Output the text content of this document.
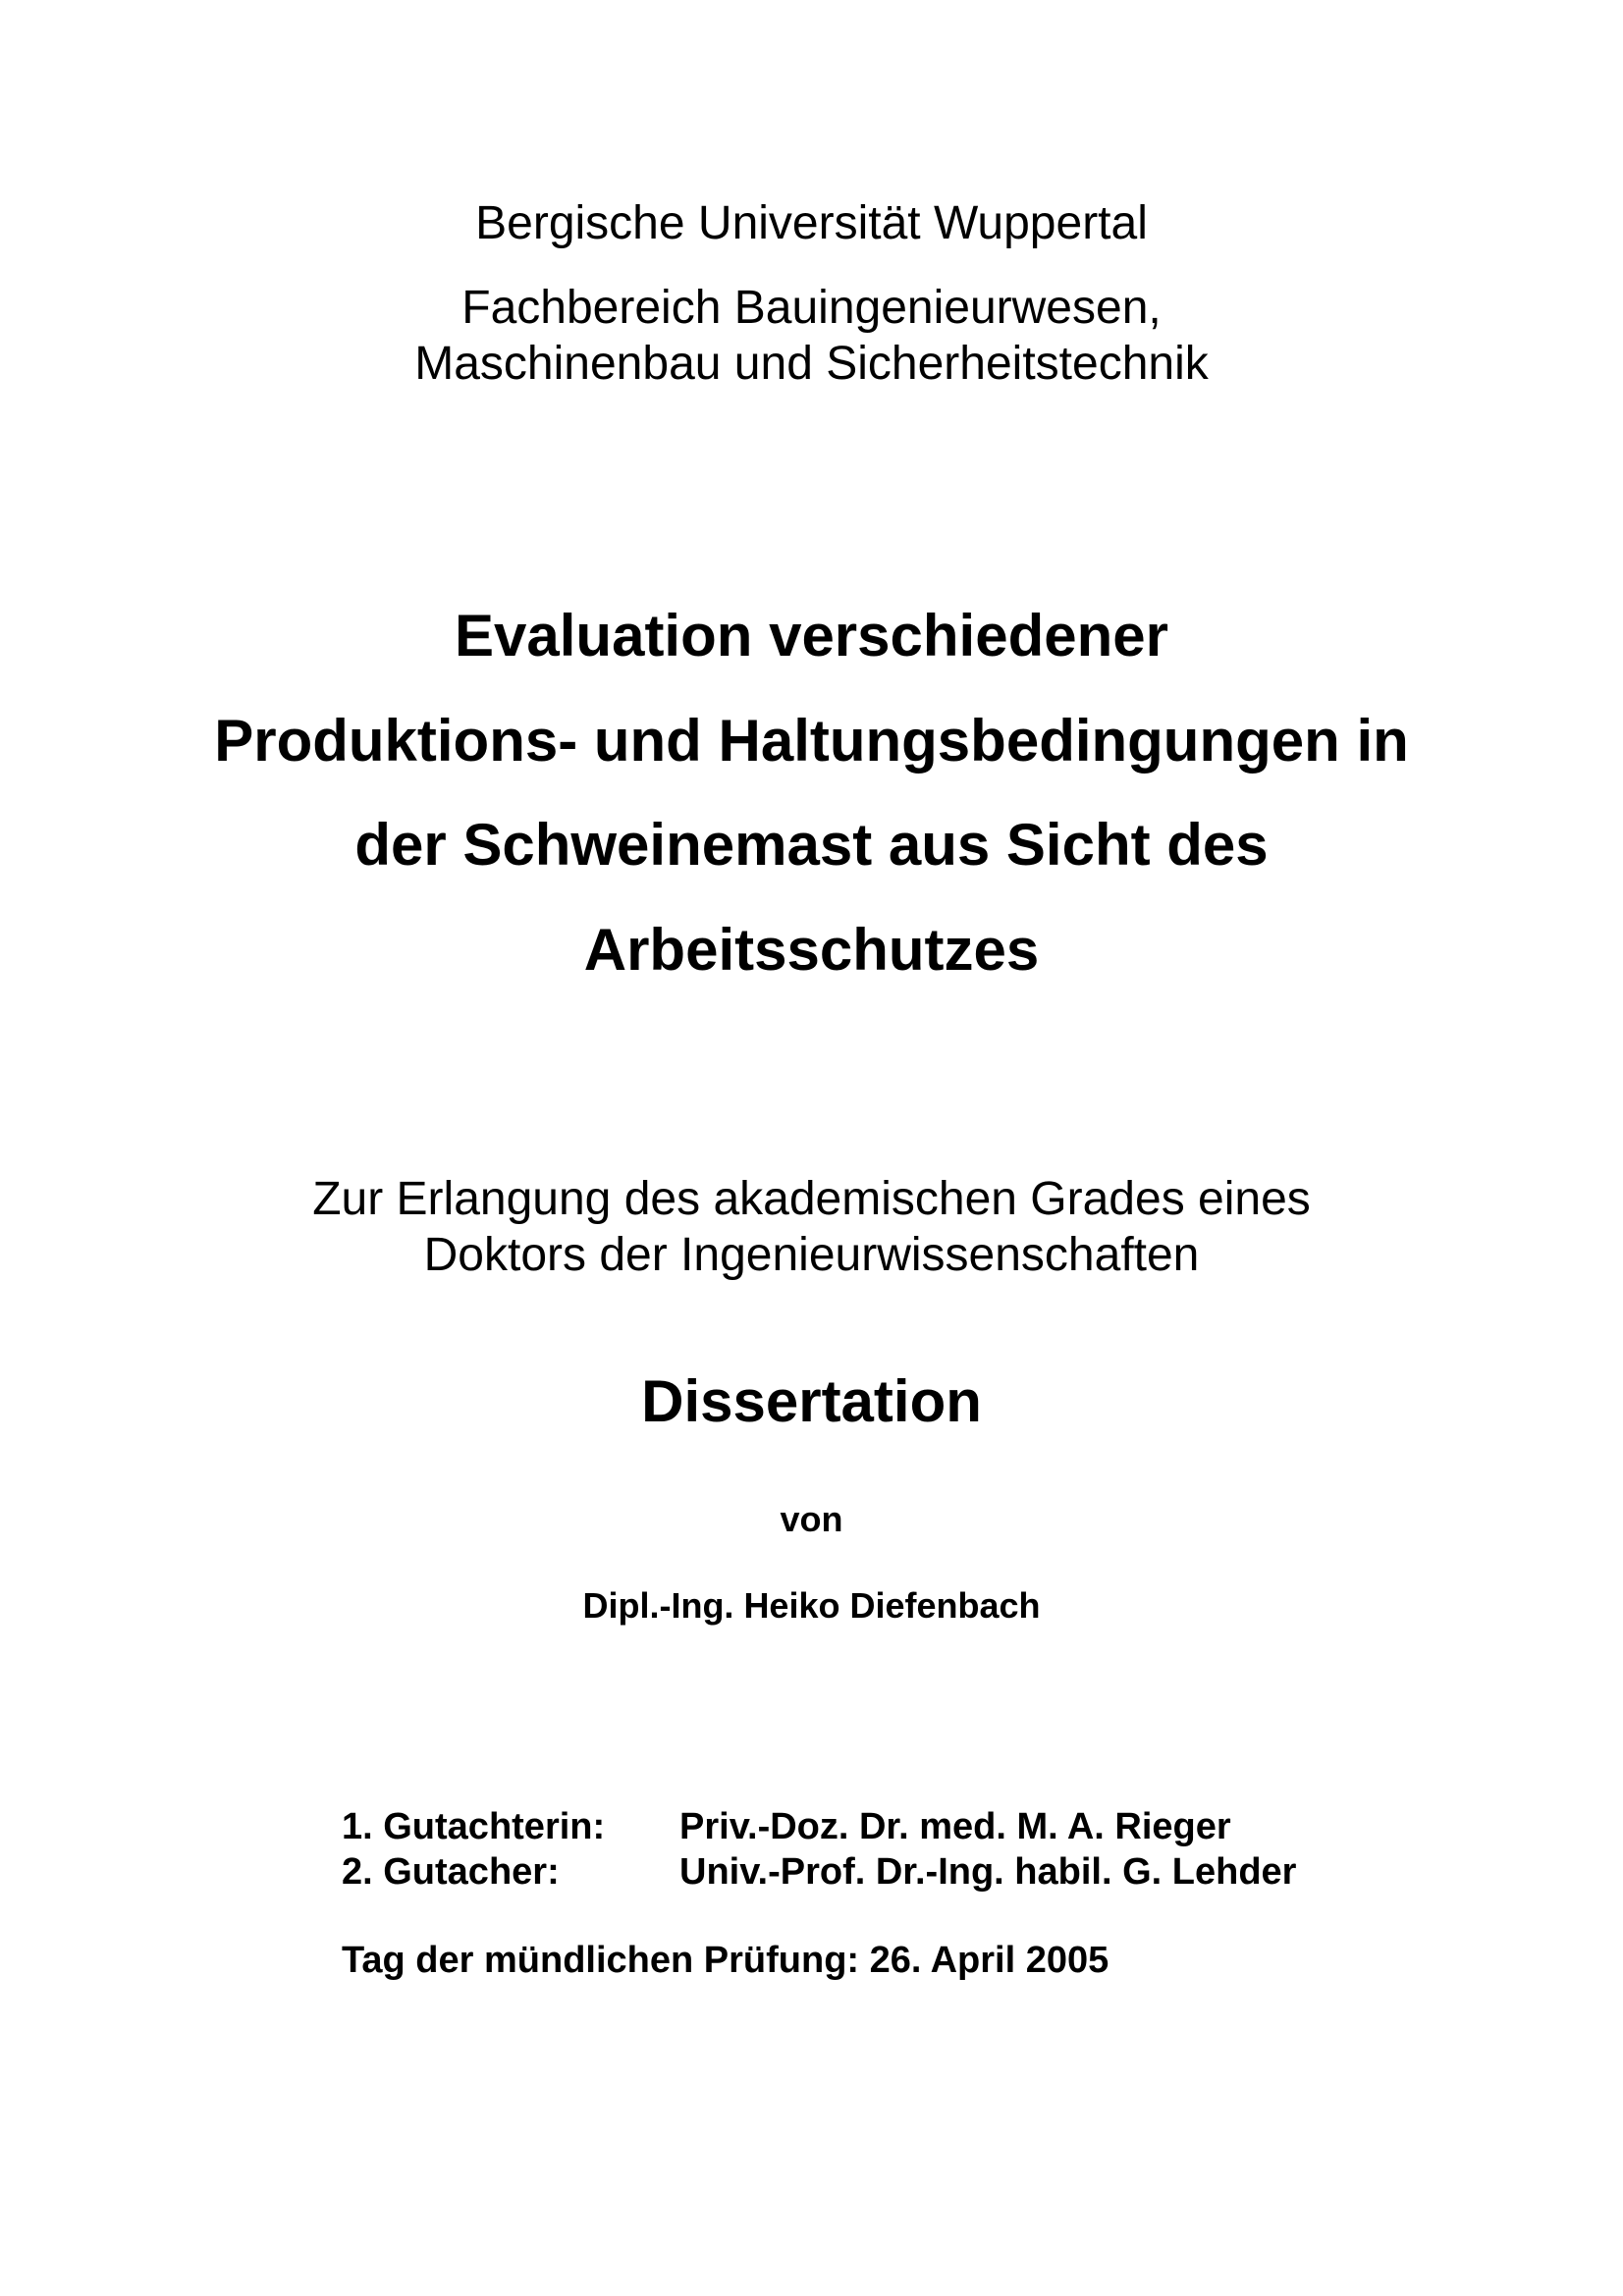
Bergische Universität Wuppertal
Fachbereich Bauingenieurwesen,
Maschinenbau und Sicherheitstechnik
Evaluation verschiedener
Produktions- und Haltungsbedingungen in
der Schweinemast aus Sicht des
Arbeitsschutzes
Zur Erlangung des akademischen Grades eines
Doktors der Ingenieurwissenschaften
Dissertation
von
Dipl.-Ing. Heiko Diefenbach
1. Gutachterin: Priv.-Doz. Dr. med. M. A. Rieger
2. Gutacher:	Univ.-Prof. Dr.-Ing. habil. G. Lehder
Tag der mündlichen Prüfung: 26. April 2005
